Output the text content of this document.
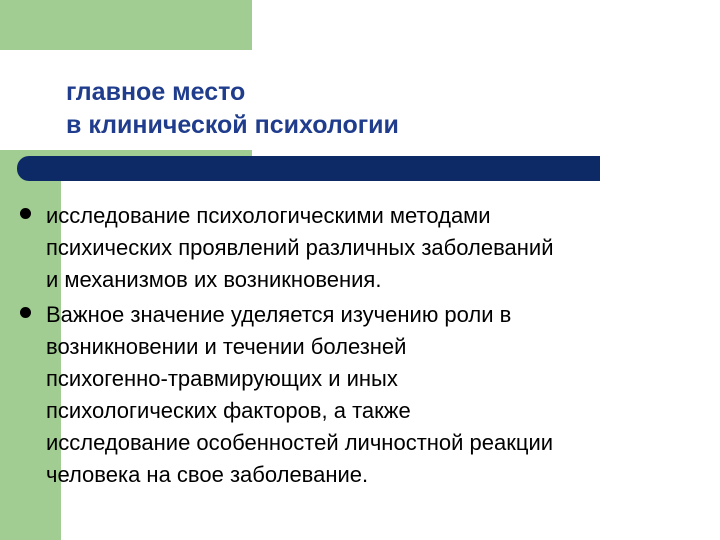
главное место
в клинической психологии
исследование психологическими методами
психических проявлений различных заболеваний
и механизмов их возникновения.
Важное значение уделяется изучению роли в
возникновении и течении болезней
психогенно-травмирующих и иных
психологических факторов, а также
исследование особенностей личностной реакции
человека на свое заболевание.
